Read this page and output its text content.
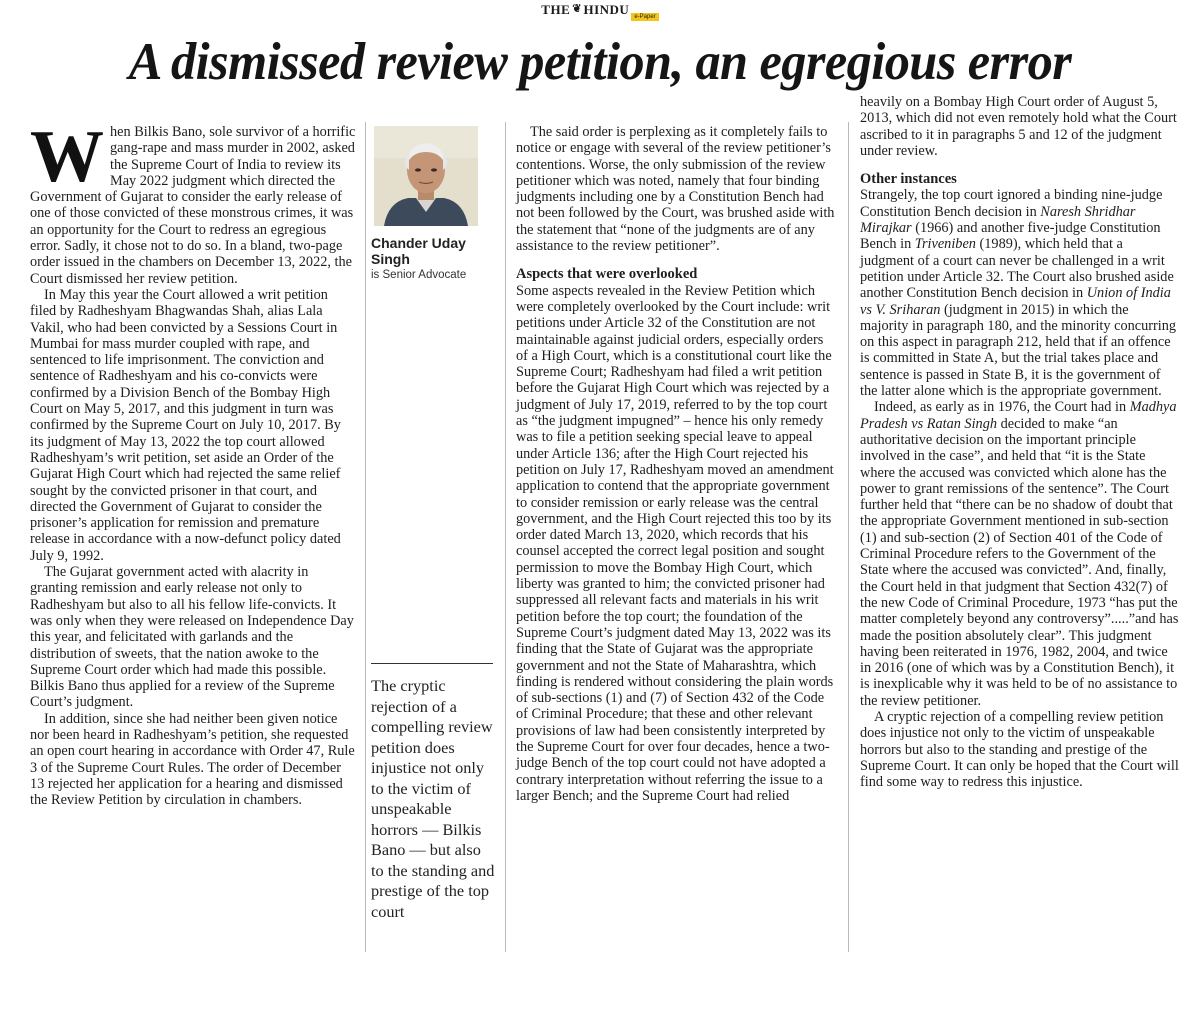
THE ❦ HINDU e-Paper
A dismissed review petition, an egregious error

When Bilkis Bano, sole survivor of a horrific gang-rape and mass murder in 2002, asked the Supreme Court of India to review its May 2022 judgment which directed the Government of Gujarat to consider the early release of one of those convicted of these monstrous crimes, it was an opportunity for the Court to redress an egregious error. Sadly, it chose not to do so. In a bland, two-page order issued in the chambers on December 13, 2022, the Court dismissed her review petition.

In May this year the Court allowed a writ petition filed by Radheshyam Bhagwandas Shah, alias Lala Vakil, who had been convicted by a Sessions Court in Mumbai for mass murder coupled with rape, and sentenced to life imprisonment. The conviction and sentence of Radheshyam and his co-convicts were confirmed by a Division Bench of the Bombay High Court on May 5, 2017, and this judgment in turn was confirmed by the Supreme Court on July 10, 2017. By its judgment of May 13, 2022 the top court allowed Radheshyam’s writ petition, set aside an Order of the Gujarat High Court which had rejected the same relief sought by the convicted prisoner in that court, and directed the Government of Gujarat to consider the prisoner’s application for remission and premature release in accordance with a now-defunct policy dated July 9, 1992.

The Gujarat government acted with alacrity in granting remission and early release not only to Radheshyam but also to all his fellow life-convicts. It was only when they were released on Independence Day this year, and felicitated with garlands and the distribution of sweets, that the nation awoke to the Supreme Court order which had made this possible. Bilkis Bano thus applied for a review of the Supreme Court’s judgment.

In addition, since she had neither been given notice nor been heard in Radheshyam’s petition, she requested an open court hearing in accordance with Order 47, Rule 3 of the Supreme Court Rules. The order of December 13 rejected her application for a hearing and dismissed the Review Petition by circulation in chambers.

Chander Uday Singh
is Senior Advocate
The cryptic rejection of a compelling review petition does injustice not only to the victim of unspeakable horrors — Bilkis Bano — but also to the standing and prestige of the top court

The said order is perplexing as it completely fails to notice or engage with several of the review petitioner’s contentions. Worse, the only submission of the review petitioner which was noted, namely that four binding judgments including one by a Constitution Bench had not been followed by the Court, was brushed aside with the statement that “none of the judgments are of any assistance to the review petitioner”.

Aspects that were overlooked

Some aspects revealed in the Review Petition which were completely overlooked by the Court include: writ petitions under Article 32 of the Constitution are not maintainable against judicial orders, especially orders of a High Court, which is a constitutional court like the Supreme Court; Radheshyam had filed a writ petition before the Gujarat High Court which was rejected by a judgment of July 17, 2019, referred to by the top court as “the judgment impugned” – hence his only remedy was to file a petition seeking special leave to appeal under Article 136; after the High Court rejected his petition on July 17, Radheshyam moved an amendment application to contend that the appropriate government to consider remission or early release was the central government, and the High Court rejected this too by its order dated March 13, 2020, which records that his counsel accepted the correct legal position and sought permission to move the Bombay High Court, which liberty was granted to him; the convicted prisoner had suppressed all relevant facts and materials in his writ petition before the top court; the foundation of the Supreme Court’s judgment dated May 13, 2022 was its finding that the State of Gujarat was the appropriate government and not the State of Maharashtra, which finding is rendered without considering the plain words of sub-sections (1) and (7) of Section 432 of the Code of Criminal Procedure; that these and other relevant provisions of law had been consistently interpreted by the Supreme Court for over four decades, hence a two-judge Bench of the top court could not have adopted a contrary interpretation without referring the issue to a larger Bench; and the Supreme Court had relied

heavily on a Bombay High Court order of August 5, 2013, which did not even remotely hold what the Court ascribed to it in paragraphs 5 and 12 of the judgment under review.

Other instances

Strangely, the top court ignored a binding nine-judge Constitution Bench decision in Naresh Shridhar Mirajkar (1966) and another five-judge Constitution Bench in Triveniben (1989), which held that a judgment of a court can never be challenged in a writ petition under Article 32. The Court also brushed aside another Constitution Bench decision in Union of India vs V. Sriharan (judgment in 2015) in which the majority in paragraph 180, and the minority concurring on this aspect in paragraph 212, held that if an offence is committed in State A, but the trial takes place and sentence is passed in State B, it is the government of the latter alone which is the appropriate government.

Indeed, as early as in 1976, the Court had in Madhya Pradesh vs Ratan Singh decided to make “an authoritative decision on the important principle involved in the case”, and held that “it is the State where the accused was convicted which alone has the power to grant remissions of the sentence”. The Court further held that “there can be no shadow of doubt that the appropriate Government mentioned in sub-section (1) and sub-section (2) of Section 401 of the Code of Criminal Procedure refers to the Government of the State where the accused was convicted”. And, finally, the Court held in that judgment that Section 432(7) of the new Code of Criminal Procedure, 1973 “has put the matter completely beyond any controversy”.....”and has made the position absolutely clear”. This judgment having been reiterated in 1976, 1982, 2004, and twice in 2016 (one of which was by a Constitution Bench), it is inexplicable why it was held to be of no assistance to the review petitioner.

A cryptic rejection of a compelling review petition does injustice not only to the victim of unspeakable horrors but also to the standing and prestige of the Supreme Court. It can only be hoped that the Court will find some way to redress this injustice.
